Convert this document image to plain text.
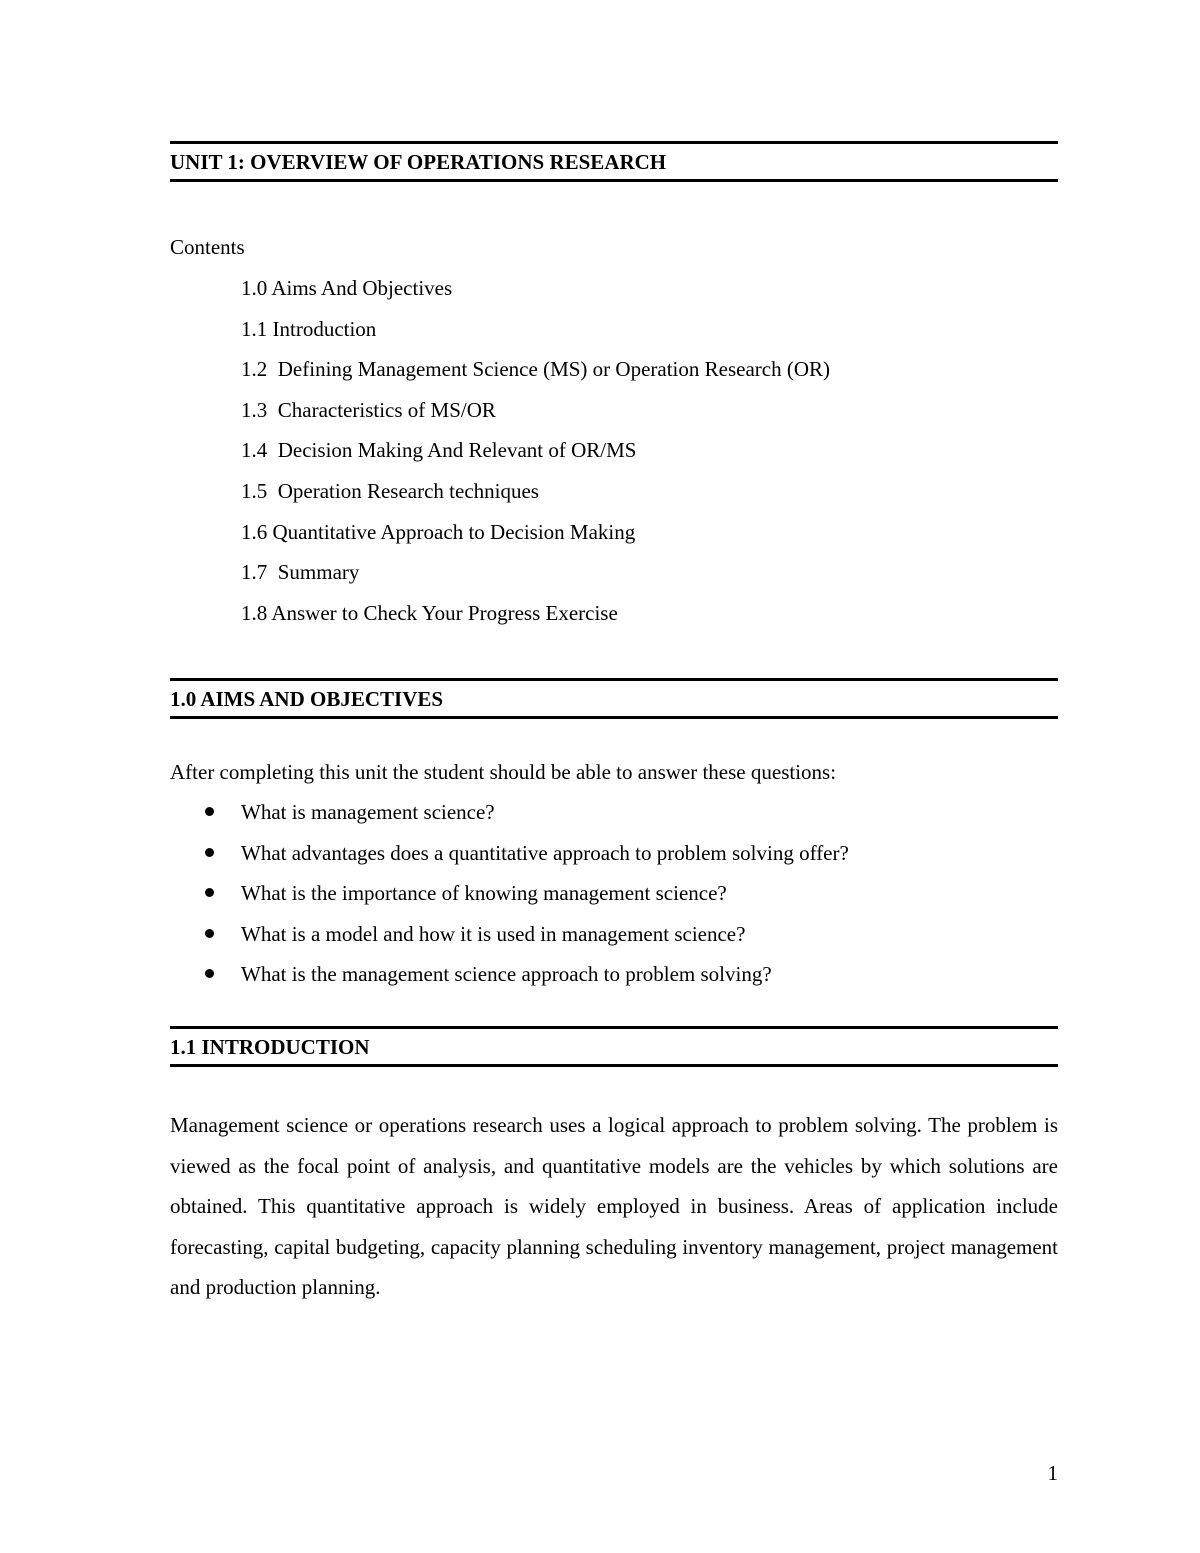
UNIT 1: OVERVIEW OF OPERATIONS RESEARCH
Contents
1.0 Aims And Objectives
1.1 Introduction
1.2  Defining Management Science (MS) or Operation Research (OR)
1.3  Characteristics of MS/OR
1.4  Decision Making And Relevant of OR/MS
1.5  Operation Research techniques
1.6 Quantitative Approach to Decision Making
1.7  Summary
1.8 Answer to Check Your Progress Exercise
1.0 AIMS AND OBJECTIVES
After completing this unit the student should be able to answer these questions:
What is management science?
What advantages does a quantitative approach to problem solving offer?
What is the importance of knowing management science?
What is a model and how it is used in management science?
What is the management science approach to problem solving?
1.1 INTRODUCTION

Management science or operations research uses a logical approach to problem solving. The problem is viewed as the focal point of analysis, and quantitative models are the vehicles by which solutions are obtained. This quantitative approach is widely employed in business. Areas of application include forecasting, capital budgeting, capacity planning scheduling inventory management, project management and production planning.

1
